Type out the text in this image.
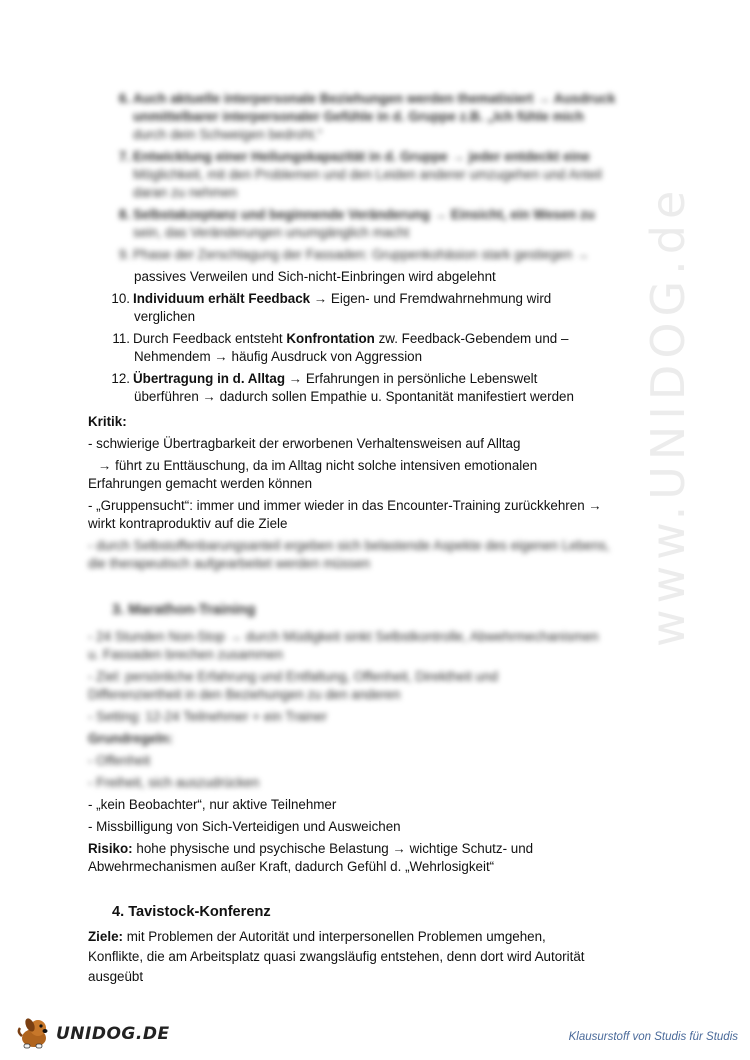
www.UNIDOG.de
6. Auch aktuelle interpersonale Beziehungen werden thematisiert → Ausdruck
unmittelbarer interpersonaler Gefühle in d. Gruppe z.B. „Ich fühle mich
durch dein Schweigen bedroht.“
7. Entwicklung einer Heilungskapazität in d. Gruppe → jeder entdeckt eine
Möglichkeit, mit den Problemen und den Leiden anderer umzugehen und Anteil
daran zu nehmen
8. Selbstakzeptanz und beginnende Veränderung → Einsicht, ein Wesen zu
sein, das Veränderungen unumgänglich macht
9. Phase der Zerschlagung der Fassaden: Gruppenkohäsion stark gestiegen →
passives Verweilen und Sich-nicht-Einbringen wird abgelehnt
10. Individuum erhält Feedback → Eigen- und Fremdwahrnehmung wird
verglichen
11. Durch Feedback entsteht Konfrontation zw. Feedback-Gebendem und –
Nehmendem → häufig Ausdruck von Aggression
12. Übertragung in d. Alltag → Erfahrungen in persönliche Lebenswelt
überführen → dadurch sollen Empathie u. Spontanität manifestiert werden
Kritik:
- schwierige Übertragbarkeit der erworbenen Verhaltensweisen auf Alltag
→ führt zu Enttäuschung, da im Alltag nicht solche intensiven emotionalen
Erfahrungen gemacht werden können
- „Gruppensucht“: immer und immer wieder in das Encounter-Training zurückkehren →
wirkt kontraproduktiv auf die Ziele
- durch Selbstoffenbarungsanteil ergeben sich belastende Aspekte des eigenen Lebens,
die therapeutisch aufgearbeitet werden müssen
3. Marathon-Training
- 24 Stunden Non-Stop → durch Müdigkeit sinkt Selbstkontrolle, Abwehrmechanismen
u. Fassaden brechen zusammen
- Ziel: persönliche Erfahrung und Entfaltung, Offenheit, Direktheit und
Differenziertheit in den Beziehungen zu den anderen
- Setting: 12-24 Teilnehmer + ein Trainer
Grundregeln:
- Offenheit
- Freiheit, sich auszudrücken
- „kein Beobachter“, nur aktive Teilnehmer
- Missbilligung von Sich-Verteidigen und Ausweichen
Risiko: hohe physische und psychische Belastung → wichtige Schutz- und
Abwehrmechanismen außer Kraft, dadurch Gefühl d. „Wehrlosigkeit“
4. Tavistock-Konferenz
Ziele: mit Problemen der Autorität und interpersonellen Problemen umgehen,
Konflikte, die am Arbeitsplatz quasi zwangsläufig entstehen, denn dort wird Autorität
ausgeübt
UNIDOG.DE	Klausurstoff von Studis für Studis
